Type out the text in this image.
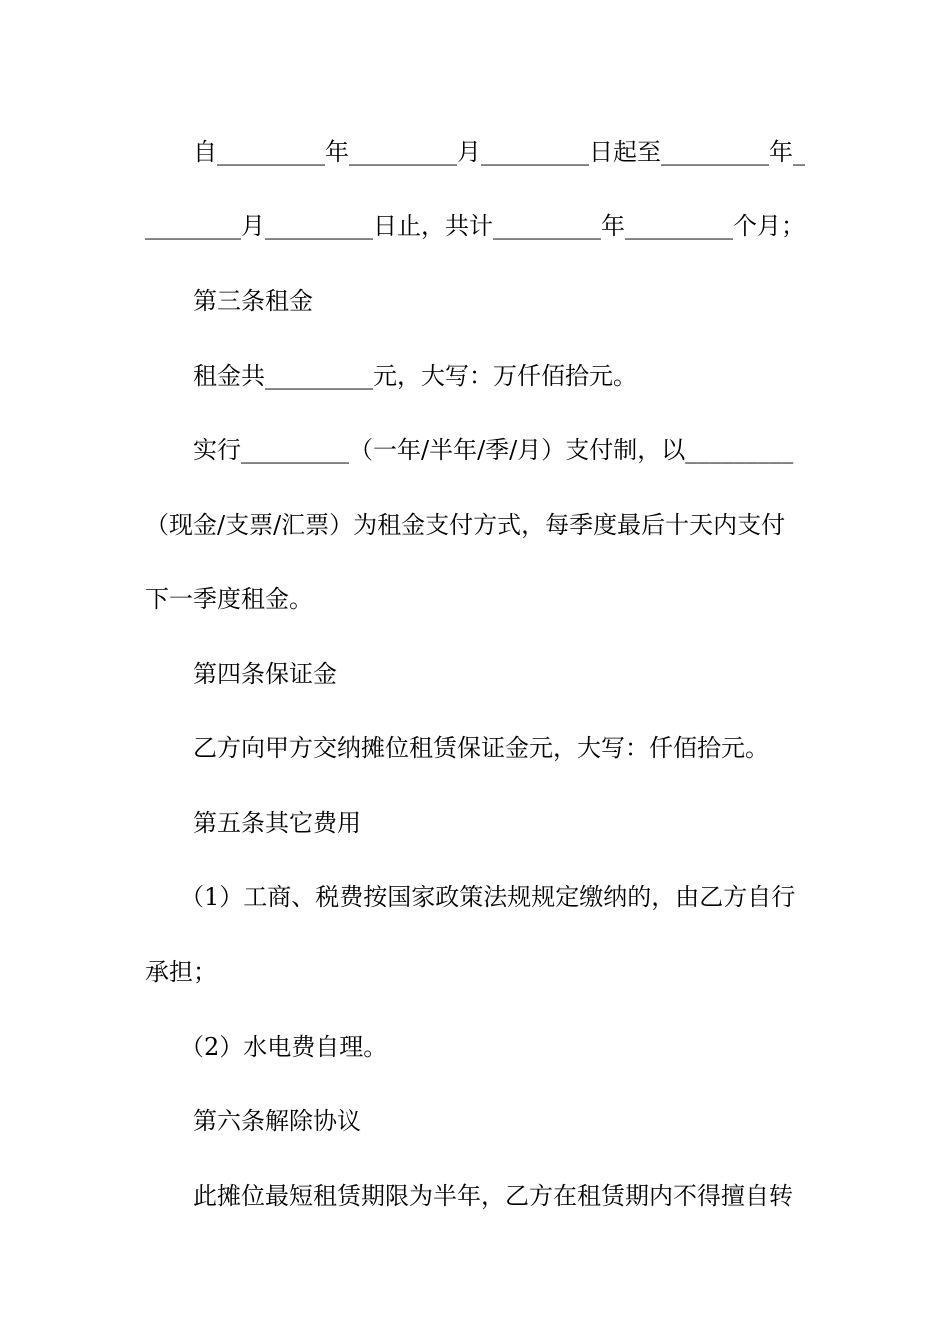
自_________年_________月_________日起至_________年_
________月_________日止，共计_________年_________个月；
第三条租金
租金共_________元，大写：万仟佰拾元。
实行_________（一年/半年/季/月）支付制，以_________
（现金/支票/汇票）为租金支付方式，每季度最后十天内支付
下一季度租金。
第四条保证金
乙方向甲方交纳摊位租赁保证金元，大写：仟佰拾元。
第五条其它费用
（1）工商、税费按国家政策法规规定缴纳的，由乙方自行
承担；
（2）水电费自理。
第六条解除协议
此摊位最短租赁期限为半年，乙方在租赁期内不得擅自转
